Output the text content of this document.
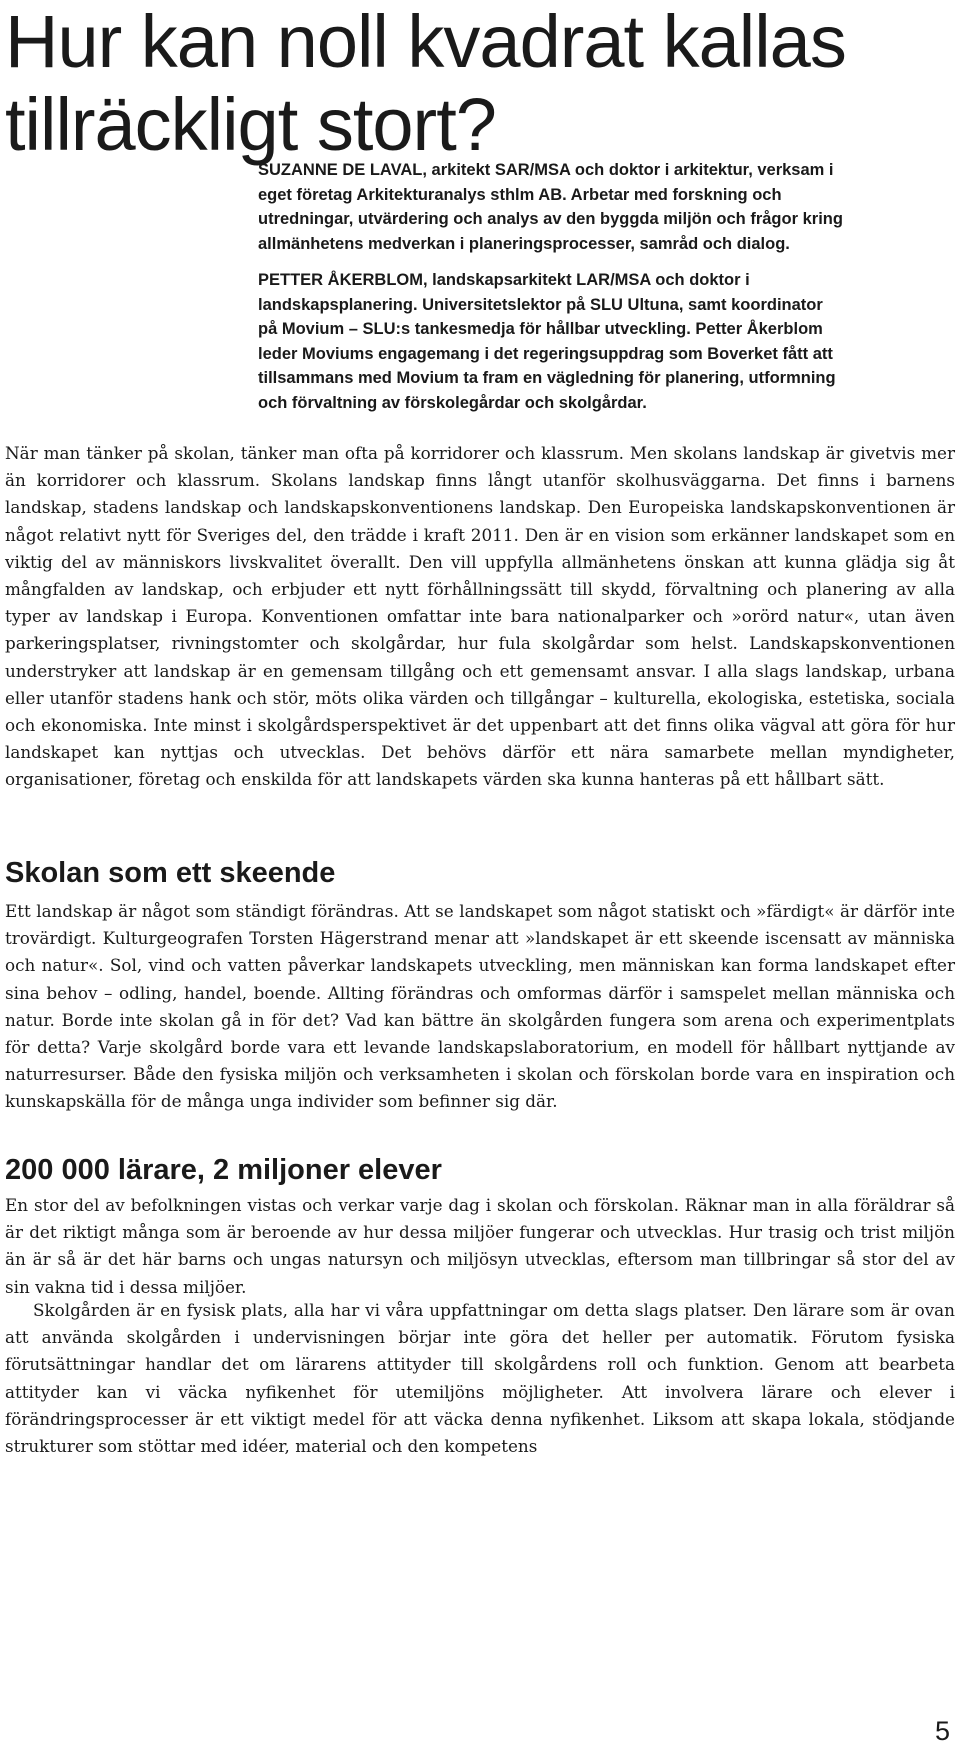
Hur kan noll kvadrat kallas tillräckligt stort?

SUZANNE DE LAVAL, arkitekt SAR/MSA och doktor i arkitektur, verksam i eget företag Arkitekturanalys sthlm AB. Arbetar med forskning och utredningar, utvärdering och analys av den byggda miljön och frågor kring allmänhetens medverkan i planeringsprocesser, samråd och dialog.

PETTER ÅKERBLOM, landskapsarkitekt LAR/MSA och doktor i landskapsplanering. Universitetslektor på SLU Ultuna, samt koordinator på Movium – SLU:s tankesmedja för hållbar utveckling. Petter Åkerblom leder Moviums engagemang i det regeringsuppdrag som Boverket fått att tillsammans med Movium ta fram en vägledning för planering, utformning och förvaltning av förskolegårdar och skolgårdar.

När man tänker på skolan, tänker man ofta på korridorer och klassrum. Men skolans landskap är givetvis mer än korridorer och klassrum. Skolans landskap finns långt utanför skolhusväggarna. Det finns i barnens landskap, stadens landskap och landskapskonventionens landskap. Den Europeiska landskapskonventionen är något relativt nytt för Sveriges del, den trädde i kraft 2011. Den är en vision som erkänner landskapet som en viktig del av människors livskvalitet överallt. Den vill uppfylla allmänhetens önskan att kunna glädja sig åt mångfalden av landskap, och erbjuder ett nytt förhållningssätt till skydd, förvaltning och planering av alla typer av landskap i Europa. Konventionen omfattar inte bara nationalparker och »orörd natur«, utan även parkeringsplatser, rivningstomter och skolgårdar, hur fula skolgårdar som helst. Landskapskonventionen understryker att landskap är en gemensam tillgång och ett gemensamt ansvar. I alla slags landskap, urbana eller utanför stadens hank och stör, möts olika värden och tillgångar – kulturella, ekologiska, estetiska, sociala och ekonomiska. Inte minst i skolgårdsperspektivet är det uppenbart att det finns olika vägval att göra för hur landskapet kan nyttjas och utvecklas. Det behövs därför ett nära samarbete mellan myndigheter, organisationer, företag och enskilda för att landskapets värden ska kunna hanteras på ett hållbart sätt.

Skolan som ett skeende

Ett landskap är något som ständigt förändras. Att se landskapet som något statiskt och »färdigt« är därför inte trovärdigt. Kulturgeografen Torsten Hägerstrand menar att »landskapet är ett skeende iscensatt av människa och natur«. Sol, vind och vatten påverkar landskapets utveckling, men människan kan forma landskapet efter sina behov – odling, handel, boende. Allting förändras och omformas därför i samspelet mellan människa och natur. Borde inte skolan gå in för det? Vad kan bättre än skolgården fungera som arena och experimentplats för detta? Varje skolgård borde vara ett levande landskapslaboratorium, en modell för hållbart nyttjande av naturresurser. Både den fysiska miljön och verksamheten i skolan och förskolan borde vara en inspiration och kunskapskälla för de många unga individer som befinner sig där.

200 000 lärare, 2 miljoner elever

En stor del av befolkningen vistas och verkar varje dag i skolan och förskolan. Räknar man in alla föräldrar så är det riktigt många som är beroende av hur dessa miljöer fungerar och utvecklas. Hur trasig och trist miljön än är så är det här barns och ungas natursyn och miljösyn utvecklas, eftersom man tillbringar så stor del av sin vakna tid i dessa miljöer.

Skolgården är en fysisk plats, alla har vi våra uppfattningar om detta slags platser. Den lärare som är ovan att använda skolgården i undervisningen börjar inte göra det heller per automatik. Förutom fysiska förutsättningar handlar det om lärarens attityder till skolgårdens roll och funktion. Genom att bearbeta attityder kan vi väcka nyfikenhet för utemiljöns möjligheter. Att involvera lärare och elever i förändringsprocesser är ett viktigt medel för att väcka denna nyfikenhet. Liksom att skapa lokala, stödjande strukturer som stöttar med idéer, material och den kompetens

5
